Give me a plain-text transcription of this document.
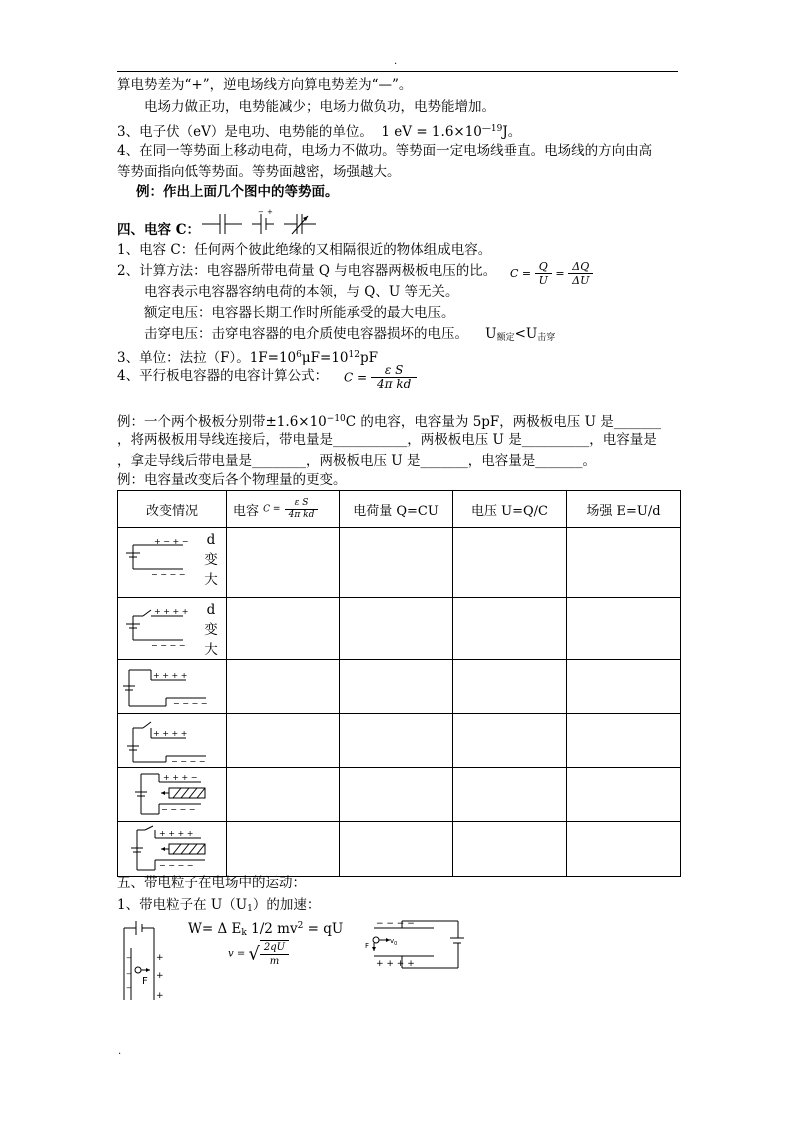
.
算电势差为“+”，逆电场线方向算电势差为“—”。
电场力做正功，电势能减少；电场力做负功，电势能增加。
3、电子伏（eV）是电功、电势能的单位。 1 eV = $1.6\times 10^{—19}J$。
4、在同一等势面上移动电荷，电场力不做功。等势面一定电场线垂直。电场线的方向由高
等势面指向低等势面。等势面越密，场强越大。
例：作出上面几个图中的等势面。
四、电容 C：
− +
1、电容 C：任何两个彼此绝缘的又相隔很近的物体组成电容。
2、计算方法：电容器所带电荷量 Q 与电容器两极板电压的比。 $C = \frac{Q}{U} = \frac{\Delta Q}{\Delta U}$
电容表示电容器容纳电荷的本领，与 Q、U 等无关。
额定电压：电容器长期工作时所能承受的最大电压。
击穿电压：击穿电容器的电介质使电容器损坏的电压。 $U_{额定}<U_{击穿}$
3、单位：法拉（F）。$1F=10^6\mu F=10^{12}pF$
4、平行板电容器的电容计算公式： $C = \frac{\text{ε S}}{\text{4π kd}}$
例：一个两个极板分别带$\pm 1.6\times 10^{-10}C$ 的电容，电容量为 5pF，两极板电压 U 是_______
，将两极板用导线连接后，带电量是___________，两极板电压 U 是__________，电容量是
，拿走导线后带电量是________，两极板电压 U 是_______，电容量是_______。
例：电容量改变后各个物理量的更变。
改变情况	电容 $C = \frac{\text{ε S}}{\text{4π kd}}$	电荷量 Q=CU	电压 U=Q/C	场强 E=U/d

+ − + −
− − − −
d
变
大				

+ + + +
− − − −
d
变
大				

+ + + +
− − − −				

+ + + +
− − − −				

+ + + −
− − − −				

+ + + +
− − − −				

五、带电粒子在电场中的运动：
1、带电粒子在 $U(U_1)$的加速：
W= Δ $E_k$ 1/2 $mv^2$ = qU
v = √ $\frac{2qU}{m}$
−
−
−
+
+
+
F
− − − −
+ + + +
$v_0$
F
.
